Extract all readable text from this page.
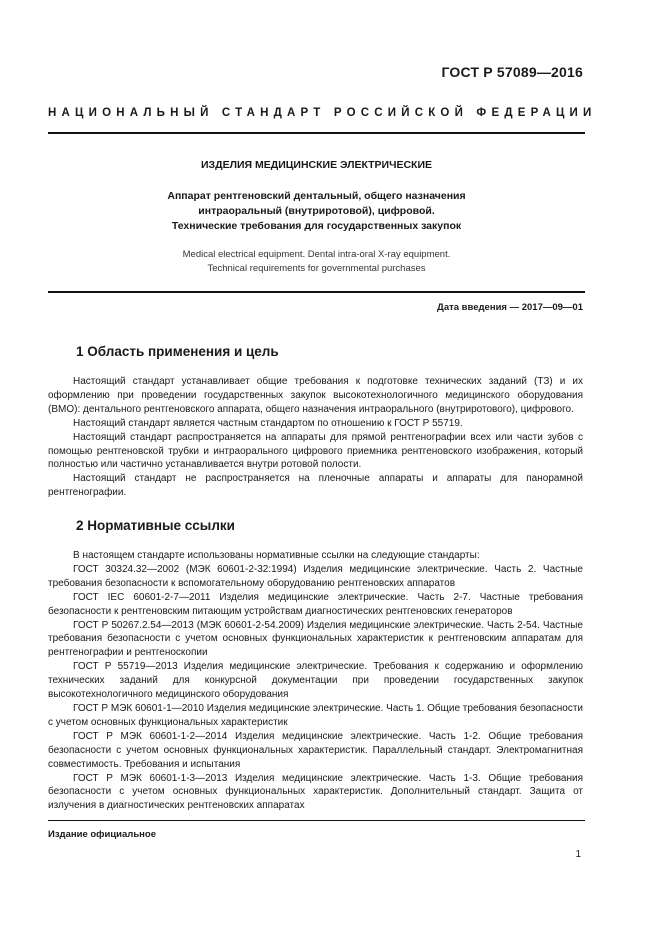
ГОСТ Р 57089—2016
НАЦИОНАЛЬНЫЙ СТАНДАРТ РОССИЙСКОЙ ФЕДЕРАЦИИ
ИЗДЕЛИЯ МЕДИЦИНСКИЕ ЭЛЕКТРИЧЕСКИЕ
Аппарат рентгеновский дентальный, общего назначения
интраоральный (внутриротовой), цифровой.
Технические требования для государственных закупок
Medical electrical equipment. Dental intra-oral X-ray equipment.
Technical requirements for governmental purchases
Дата введения — 2017—09—01
1 Область применения и цель

Настоящий стандарт устанавливает общие требования к подготовке технических заданий (ТЗ) и их оформлению при проведении государственных закупок высокотехнологичного медицинского оборудования (ВМО): дентального рентгеновского аппарата, общего назначения интраорального (внутриротового), цифрового.

Настоящий стандарт является частным стандартом по отношению к ГОСТ Р 55719.

Настоящий стандарт распространяется на аппараты для прямой рентгенографии всех или части зубов с помощью рентгеновской трубки и интраорального цифрового приемника рентгеновского изображения, который полностью или частично устанавливается внутри ротовой полости.

Настоящий стандарт не распространяется на пленочные аппараты и аппараты для панорамной рентгенографии.

2 Нормативные ссылки

В настоящем стандарте использованы нормативные ссылки на следующие стандарты:

ГОСТ 30324.32—2002 (МЭК 60601-2-32:1994) Изделия медицинские электрические. Часть 2. Частные требования безопасности к вспомогательному оборудованию рентгеновских аппаратов

ГОСТ IEC 60601-2-7—2011 Изделия медицинские электрические. Часть 2-7. Частные требования безопасности к рентгеновским питающим устройствам диагностических рентгеновских генераторов

ГОСТ Р 50267.2.54—2013 (МЭК 60601-2-54.2009) Изделия медицинские электрические. Часть 2-54. Частные требования безопасности с учетом основных функциональных характеристик к рентгеновским аппаратам для рентгенографии и рентгеноскопии

ГОСТ Р 55719—2013 Изделия медицинские электрические. Требования к содержанию и оформлению технических заданий для конкурсной документации при проведении государственных закупок высокотехнологичного медицинского оборудования

ГОСТ Р МЭК 60601-1—2010 Изделия медицинские электрические. Часть 1. Общие требования безопасности с учетом основных функциональных характеристик

ГОСТ Р МЭК 60601-1-2—2014 Изделия медицинские электрические. Часть 1-2. Общие требования безопасности с учетом основных функциональных характеристик. Параллельный стандарт. Электромагнитная совместимость. Требования и испытания

ГОСТ Р МЭК 60601-1-3—2013 Изделия медицинские электрические. Часть 1-3. Общие требования безопасности с учетом основных функциональных характеристик. Дополнительный стандарт. Защита от излучения в диагностических рентгеновских аппаратах

Издание официальное
1
